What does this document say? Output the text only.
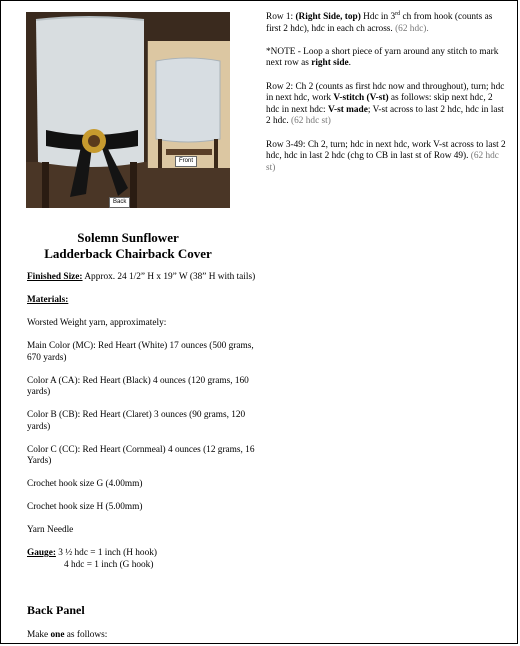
Back
Front

Row 1: (Right Side, top) Hdc in 3rd ch from hook (counts as first 2 hdc), hdc in each ch across. (62 hdc).

*NOTE - Loop a short piece of yarn around any stitch to mark next row as right side.

Row 2: Ch 2 (counts as first hdc now and throughout), turn; hdc in next hdc, work V-stitch (V-st) as follows: skip next hdc, 2 hdc in next hdc: V-st made; V-st across to last 2 hdc, hdc in last 2 hdc. (62 hdc st)

Row 3-49: Ch 2, turn; hdc in next hdc, work V-st across to last 2 hdc, hdc in last 2 hdc (chg to CB in last st of Row 49). (62 hdc st)

Solemn Sunflower
Ladderback Chairback Cover

Finished Size: Approx. 24 1/2” H x 19” W (38” H with tails)

Materials:

Worsted Weight yarn, approximately:

Main Color (MC): Red Heart (White) 17 ounces (500 grams, 670 yards)

Color A (CA): Red Heart (Black) 4 ounces (120 grams, 160 yards)

Color B (CB): Red Heart (Claret) 3 ounces (90 grams, 120 yards)

Color C (CC): Red Heart (Cornmeal) 4 ounces (12 grams, 16 Yards)

Crochet hook size G (4.00mm)

Crochet hook size H (5.00mm)

Yarn Needle

Gauge: 3 ½ hdc = 1 inch (H hook)
4 hdc = 1 inch (G hook)

Back Panel
Make one as follows:
